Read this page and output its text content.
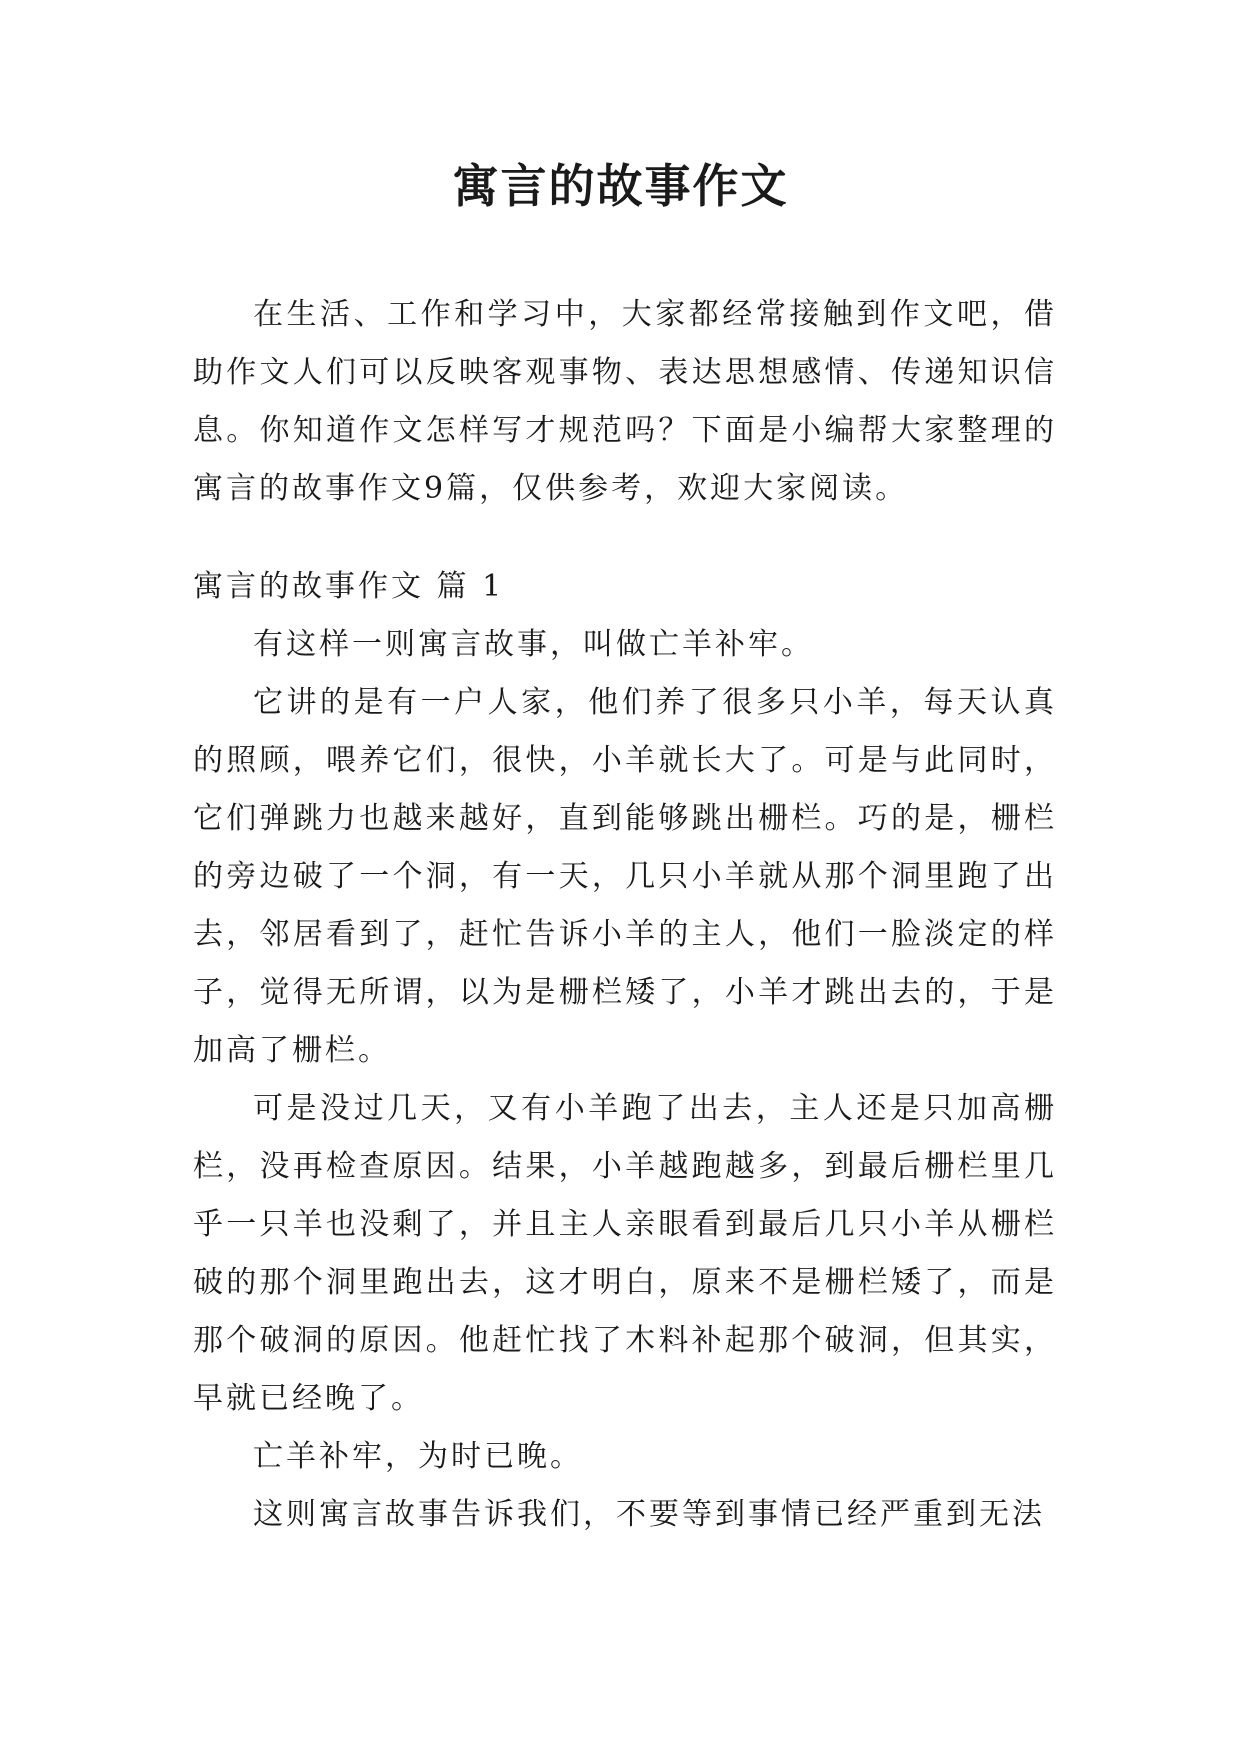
寓言的故事作文

在生活、工作和学习中，大家都经常接触到作文吧，借助作文人们可以反映客观事物、表达思想感情、传递知识信息。你知道作文怎样写才规范吗？下面是小编帮大家整理的寓言的故事作文9篇，仅供参考，欢迎大家阅读。

寓言的故事作文 篇 1

有这样一则寓言故事，叫做亡羊补牢。

它讲的是有一户人家，他们养了很多只小羊，每天认真的照顾，喂养它们，很快，小羊就长大了。可是与此同时，它们弹跳力也越来越好，直到能够跳出栅栏。巧的是，栅栏的旁边破了一个洞，有一天，几只小羊就从那个洞里跑了出去，邻居看到了，赶忙告诉小羊的主人，他们一脸淡定的样子，觉得无所谓，以为是栅栏矮了，小羊才跳出去的，于是加高了栅栏。

可是没过几天，又有小羊跑了出去，主人还是只加高栅栏，没再检查原因。结果，小羊越跑越多，到最后栅栏里几乎一只羊也没剩了，并且主人亲眼看到最后几只小羊从栅栏破的那个洞里跑出去，这才明白，原来不是栅栏矮了，而是那个破洞的原因。他赶忙找了木料补起那个破洞，但其实，早就已经晚了。

亡羊补牢，为时已晚。

这则寓言故事告诉我们，不要等到事情已经严重到无法
